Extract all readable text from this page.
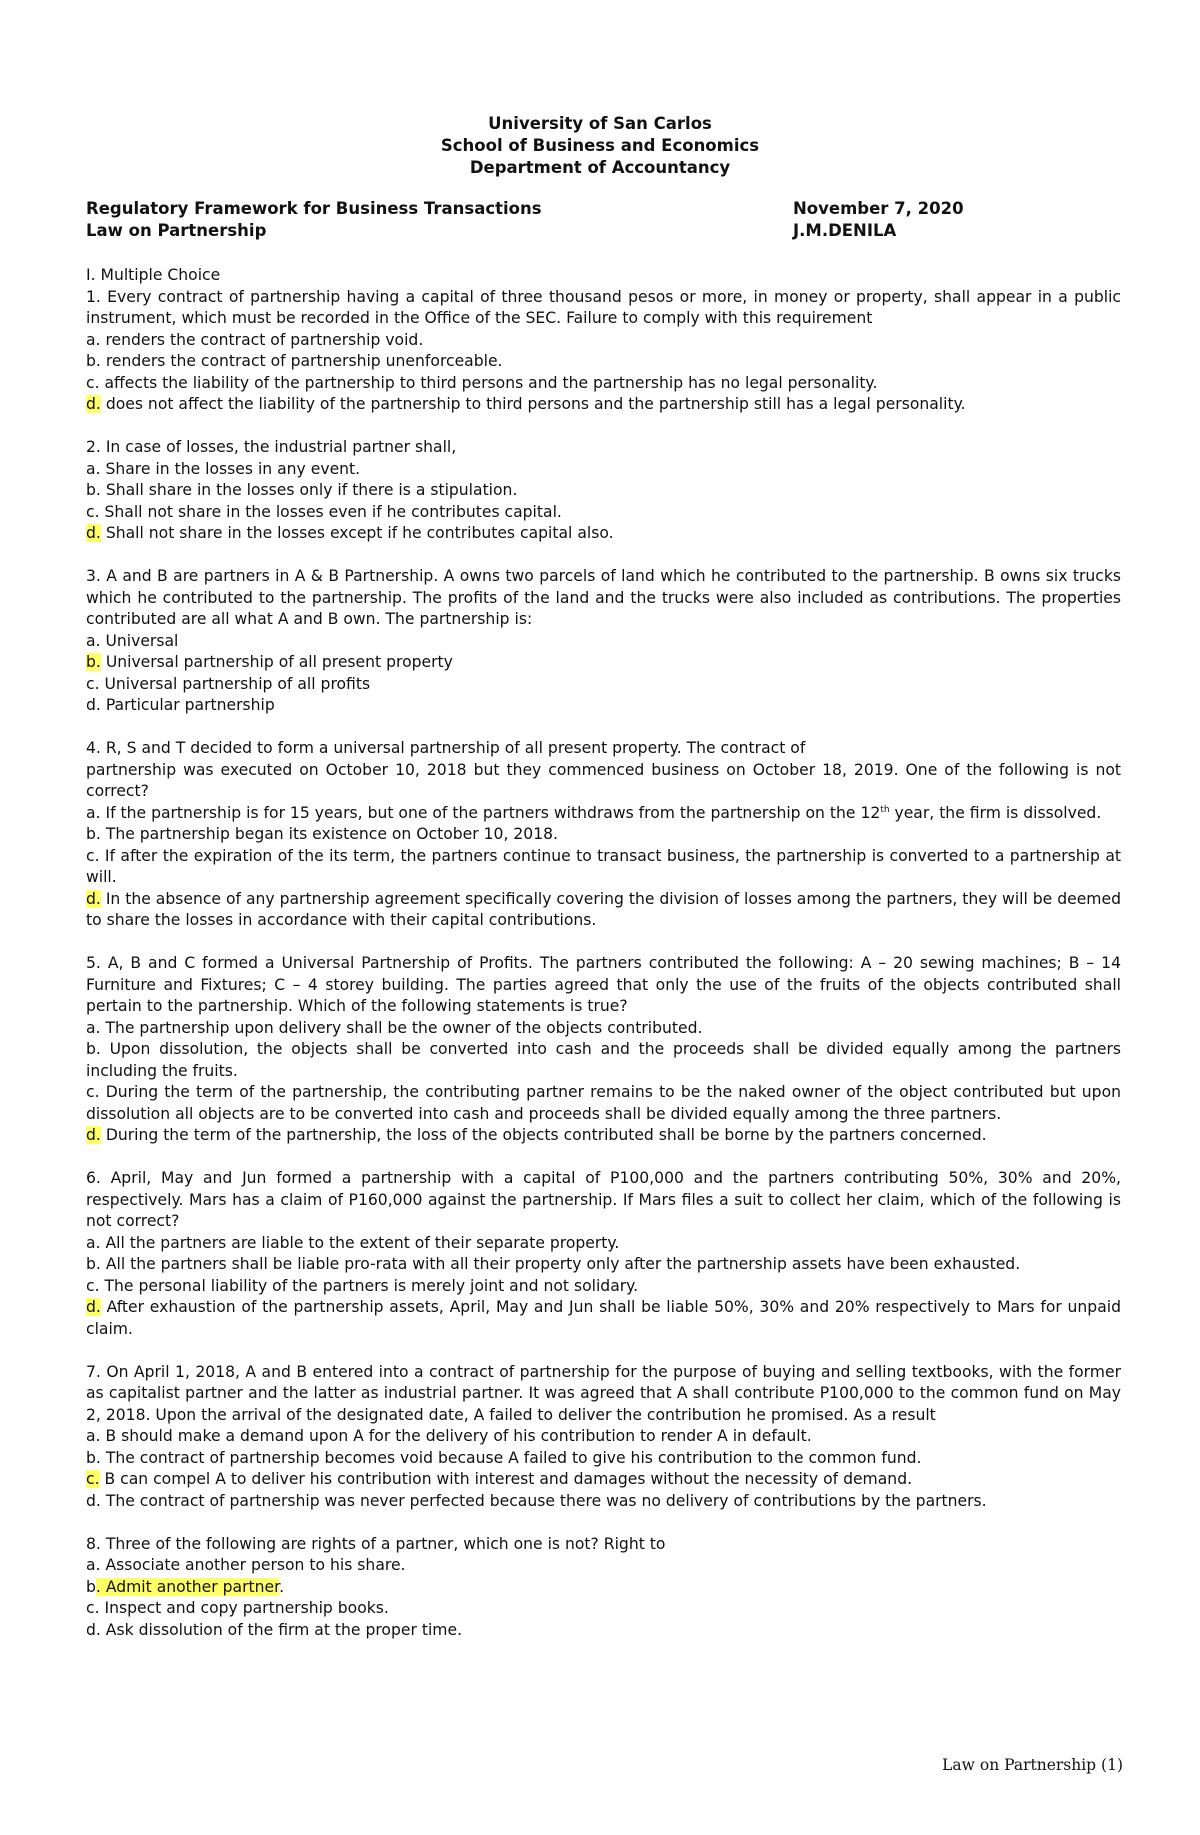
University of San Carlos
School of Business and Economics
Department of Accountancy
Regulatory Framework for Business Transactions	November 7, 2020
Law on Partnership	J.M.DENILA

I. Multiple Choice

1. Every contract of partnership having a capital of three thousand pesos or more, in money or property, shall appear in a public instrument, which must be recorded in the Office of the SEC. Failure to comply with this requirement

a. renders the contract of partnership void.

b. renders the contract of partnership unenforceable.

c. affects the liability of the partnership to third persons and the partnership has no legal personality.

d. does not affect the liability of the partnership to third persons and the partnership still has a legal personality.

2. In case of losses, the industrial partner shall,

a. Share in the losses in any event.

b. Shall share in the losses only if there is a stipulation.

c. Shall not share in the losses even if he contributes capital.

d. Shall not share in the losses except if he contributes capital also.

3. A and B are partners in A & B Partnership. A owns two parcels of land which he contributed to the partnership. B owns six trucks which he contributed to the partnership. The profits of the land and the trucks were also included as contributions. The properties contributed are all what A and B own. The partnership is:

a. Universal

b. Universal partnership of all present property

c. Universal partnership of all profits

d. Particular partnership

4. R, S and T decided to form a universal partnership of all present property. The contract of

partnership was executed on October 10, 2018 but they commenced business on October 18, 2019. One of the following is not correct?

a. If the partnership is for 15 years, but one of the partners withdraws from the partnership on the 12th year, the firm is dissolved.

b. The partnership began its existence on October 10, 2018.

c. If after the expiration of the its term, the partners continue to transact business, the partnership is converted to a partnership at will.

d. In the absence of any partnership agreement specifically covering the division of losses among the partners, they will be deemed to share the losses in accordance with their capital contributions.

5. A, B and C formed a Universal Partnership of Profits. The partners contributed the following: A – 20 sewing machines; B – 14 Furniture and Fixtures; C – 4 storey building. The parties agreed that only the use of the fruits of the objects contributed shall pertain to the partnership. Which of the following statements is true?

a. The partnership upon delivery shall be the owner of the objects contributed.

b. Upon dissolution, the objects shall be converted into cash and the proceeds shall be divided equally among the partners including the fruits.

c. During the term of the partnership, the contributing partner remains to be the naked owner of the object contributed but upon dissolution all objects are to be converted into cash and proceeds shall be divided equally among the three partners.

d. During the term of the partnership, the loss of the objects contributed shall be borne by the partners concerned.

6. April, May and Jun formed a partnership with a capital of P100,000 and the partners contributing 50%, 30% and 20%, respectively. Mars has a claim of P160,000 against the partnership. If Mars files a suit to collect her claim, which of the following is not correct?

a. All the partners are liable to the extent of their separate property.

b. All the partners shall be liable pro-rata with all their property only after the partnership assets have been exhausted.

c. The personal liability of the partners is merely joint and not solidary.

d. After exhaustion of the partnership assets, April, May and Jun shall be liable 50%, 30% and 20% respectively to Mars for unpaid claim.

7. On April 1, 2018, A and B entered into a contract of partnership for the purpose of buying and selling textbooks, with the former as capitalist partner and the latter as industrial partner. It was agreed that A shall contribute P100,000 to the common fund on May 2, 2018. Upon the arrival of the designated date, A failed to deliver the contribution he promised. As a result

a. B should make a demand upon A for the delivery of his contribution to render A in default.

b. The contract of partnership becomes void because A failed to give his contribution to the common fund.

c. B can compel A to deliver his contribution with interest and damages without the necessity of demand.

d. The contract of partnership was never perfected because there was no delivery of contributions by the partners.

8. Three of the following are rights of a partner, which one is not? Right to

a. Associate another person to his share.

b. Admit another partner.

c. Inspect and copy partnership books.

d. Ask dissolution of the firm at the proper time.

Law on Partnership (1)
